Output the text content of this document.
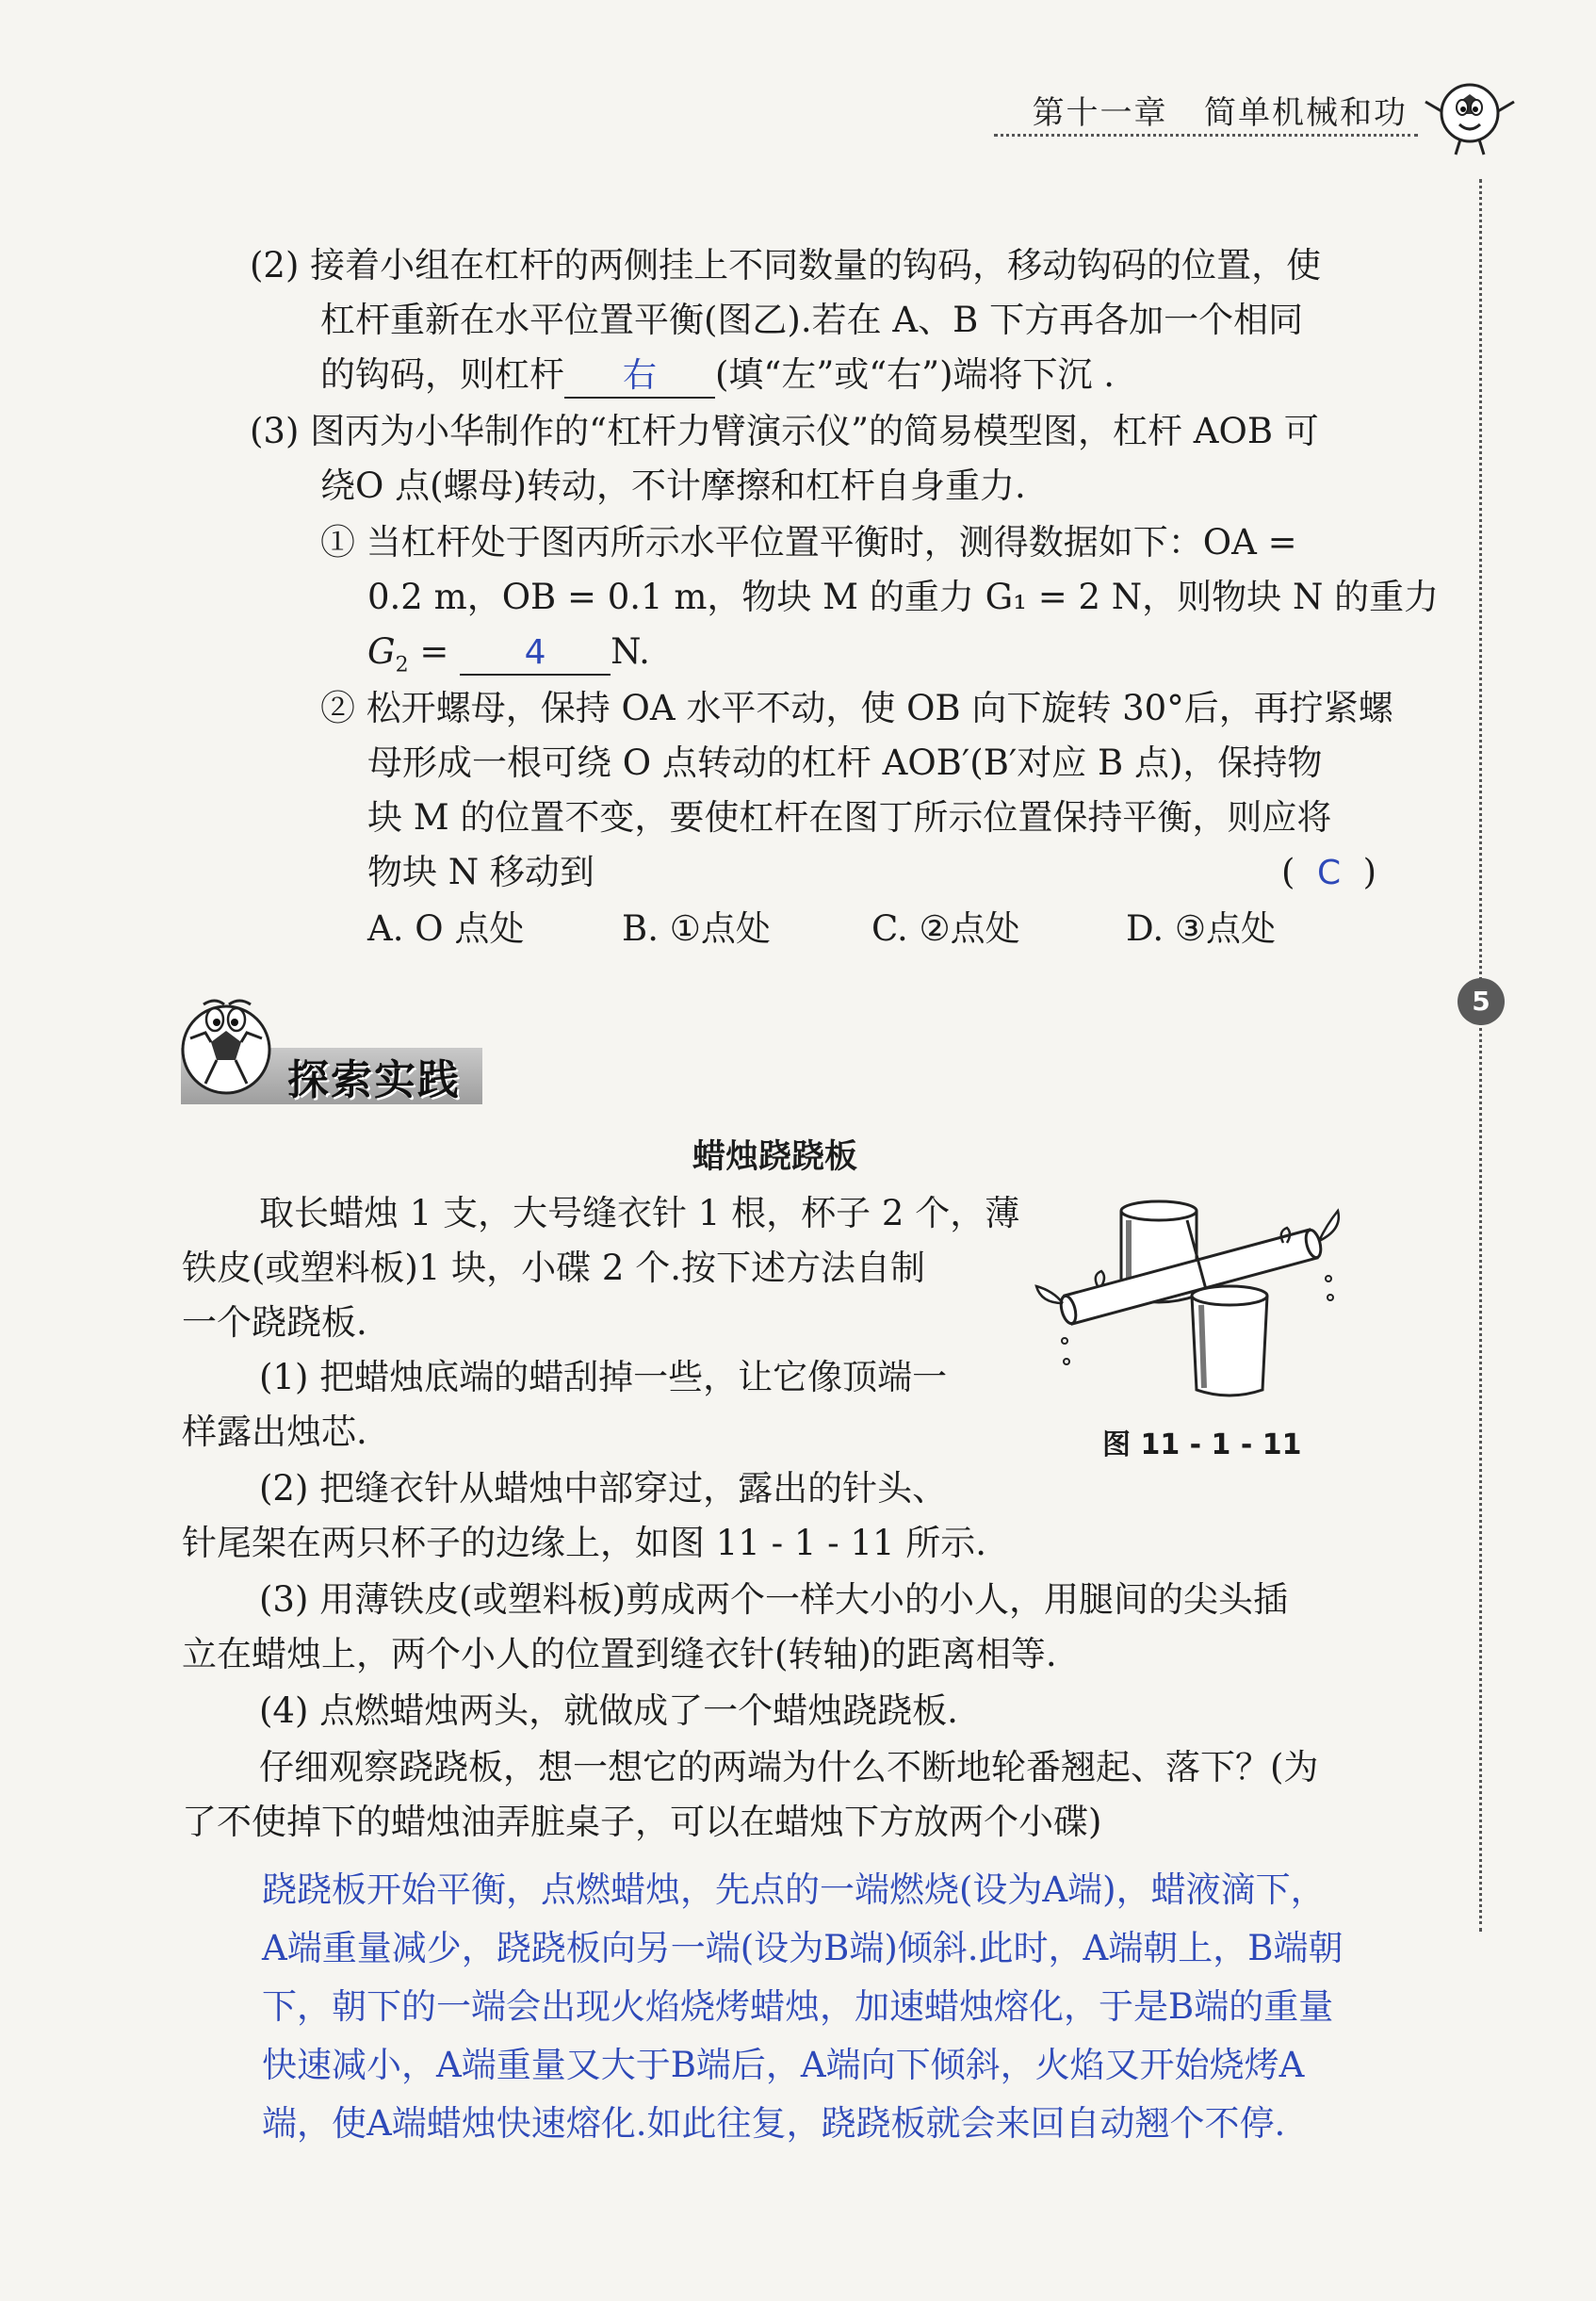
第十一章 简单机械和功
5
(2) 接着小组在杠杆的两侧挂上不同数量的钩码，移动钩码的位置，使
杠杆重新在水平位置平衡(图乙).若在 A、B 下方再各加一个相同
的钩码，则杠杆 右 (填“左”或“右”)端将下沉 .
(3) 图丙为小华制作的“杠杆力臂演示仪”的简易模型图，杠杆 AOB 可
绕O 点(螺母)转动，不计摩擦和杠杆自身重力.
① 当杠杆处于图丙所示水平位置平衡时，测得数据如下：OA =
0.2 m，OB = 0.1 m，物块 M 的重力 G₁ = 2 N，则物块 N 的重力
$G_2 = 4$ N.
② 松开螺母，保持 OA 水平不动，使 OB 向下旋转 30°后，再拧紧螺
母形成一根可绕 O 点转动的杠杆 AOB′(B′对应 B 点)，保持物
块 M 的位置不变，要使杠杆在图丁所示位置保持平衡，则应将
物块 N 移动到	( C )
A. O 点处	B. ①点处	C. ②点处	D. ③点处
探索实践
蜡烛跷跷板
取长蜡烛 1 支，大号缝衣针 1 根，杯子 2 个，薄
铁皮(或塑料板)1 块，小碟 2 个.按下述方法自制
一个跷跷板.
(1) 把蜡烛底端的蜡刮掉一些，让它像顶端一
样露出烛芯.
(2) 把缝衣针从蜡烛中部穿过，露出的针头、
针尾架在两只杯子的边缘上，如图 11 - 1 - 11 所示.
(3) 用薄铁皮(或塑料板)剪成两个一样大小的小人，用腿间的尖头插
立在蜡烛上，两个小人的位置到缝衣针(转轴)的距离相等.
(4) 点燃蜡烛两头，就做成了一个蜡烛跷跷板.
仔细观察跷跷板，想一想它的两端为什么不断地轮番翘起、落下？(为
了不使掉下的蜡烛油弄脏桌子，可以在蜡烛下方放两个小碟)
图 11 - 1 - 11
跷跷板开始平衡，点燃蜡烛，先点的一端燃烧(设为A端)，蜡液滴下，
A端重量减少，跷跷板向另一端(设为B端)倾斜.此时，A端朝上，B端朝
下，朝下的一端会出现火焰烧烤蜡烛，加速蜡烛熔化，于是B端的重量
快速减小，A端重量又大于B端后，A端向下倾斜，火焰又开始烧烤A
端，使A端蜡烛快速熔化.如此往复，跷跷板就会来回自动翘个不停.
